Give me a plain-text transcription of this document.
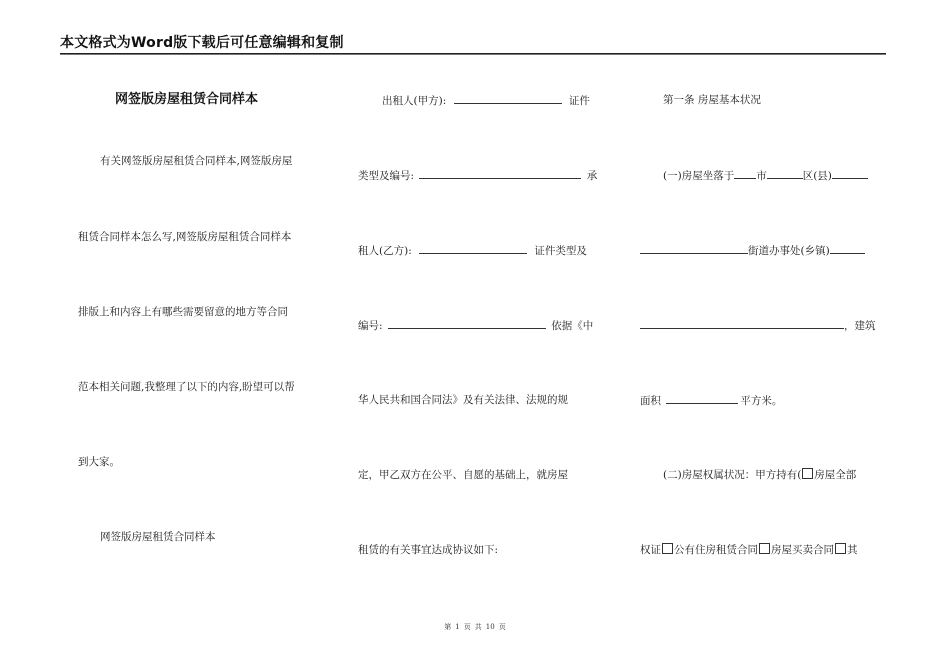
本文格式为Word版下载后可任意编辑和复制
网签版房屋租赁合同样本
有关网签版房屋租赁合同样本,网签版房屋
租赁合同样本怎么写,网签版房屋租赁合同样本
排版上和内容上有哪些需要留意的地方等合同
范本相关问题,我整理了以下的内容,盼望可以帮
到大家。
网签版房屋租赁合同样本
出租人(甲方):	证件
类型及编号:	承
租人(乙方):	证件类型及
编号:	依据《中
华人民共和国合同法》及有关法律、法规的规
定，甲乙双方在公平、自愿的基础上，就房屋
租赁的有关事宜达成协议如下:
第一条 房屋基本状况
(一)房屋坐落于 市	区(县)
街道办事处(乡镇)
，建筑
面积	平方米。
(二)房屋权属状况：甲方持有( 房屋全部
权证 公有住房租赁合同 房屋买卖合同 其
第 1 页 共 10 页
